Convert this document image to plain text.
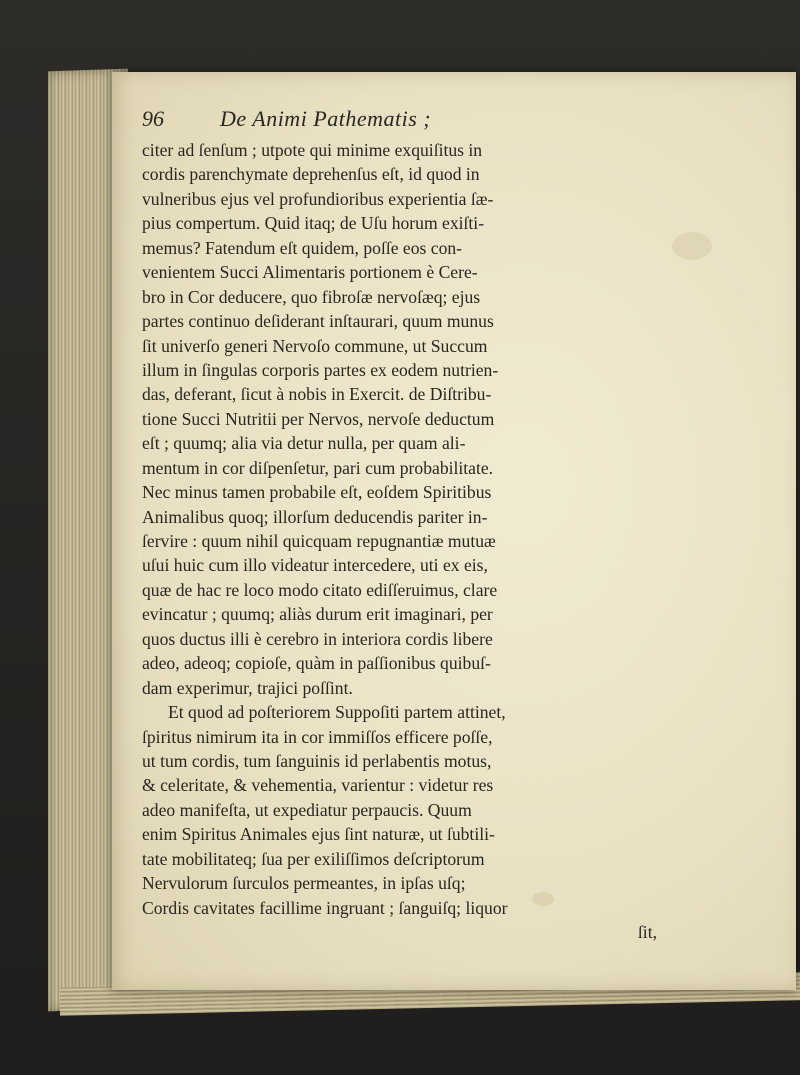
96	De Animi Pathematis ;
citer ad ſenſum ; utpote qui minime exquiſitus in
cordis parenchymate deprehenſus eſt, id quod in
vulneribus ejus vel profundioribus experientia ſæ-
pius compertum. Quid itaq; de Uſu horum exiſti-
memus? Fatendum eſt quidem, poſſe eos con-
venientem Succi Alimentaris portionem è Cere-
bro in Cor deducere, quo fibroſæ nervoſæq; ejus
partes continuo deſiderant inſtaurari, quum munus
ſit univerſo generi Nervoſo commune, ut Succum
illum in ſingulas corporis partes ex eodem nutrien-
das, deferant, ſicut à nobis in Exercit. de Diſtribu-
tione Succi Nutritii per Nervos, nervoſe deductum
eſt ; quumq; alia via detur nulla, per quam ali-
mentum in cor diſpenſetur, pari cum probabilitate.
Nec minus tamen probabile eſt, eoſdem Spiritibus
Animalibus quoq; illorſum deducendis pariter in-
ſervire : quum nihil quicquam repugnantiæ mutuæ
uſui huic cum illo videatur intercedere, uti ex eis,
quæ de hac re loco modo citato ediſſeruimus, clare
evincatur ; quumq; aliàs durum erit imaginari, per
quos ductus illi è cerebro in interiora cordis libere
adeo, adeoq; copioſe, quàm in paſſionibus quibuſ-
dam experimur, trajici poſſint.
Et quod ad poſteriorem Suppoſiti partem attinet,
ſpiritus nimirum ita in cor immiſſos efficere poſſe,
ut tum cordis, tum ſanguinis id perlabentis motus,
& celeritate, & vehementia, varientur : videtur res
adeo manifeſta, ut expediatur perpaucis. Quum
enim Spiritus Animales ejus ſint naturæ, ut ſubtili-
tate mobilitateq; ſua per exiliſſimos deſcriptorum
Nervulorum ſurculos permeantes, in ipſas uſq;
Cordis cavitates facillime ingruant ; ſanguiſq; liquor
ſit,
